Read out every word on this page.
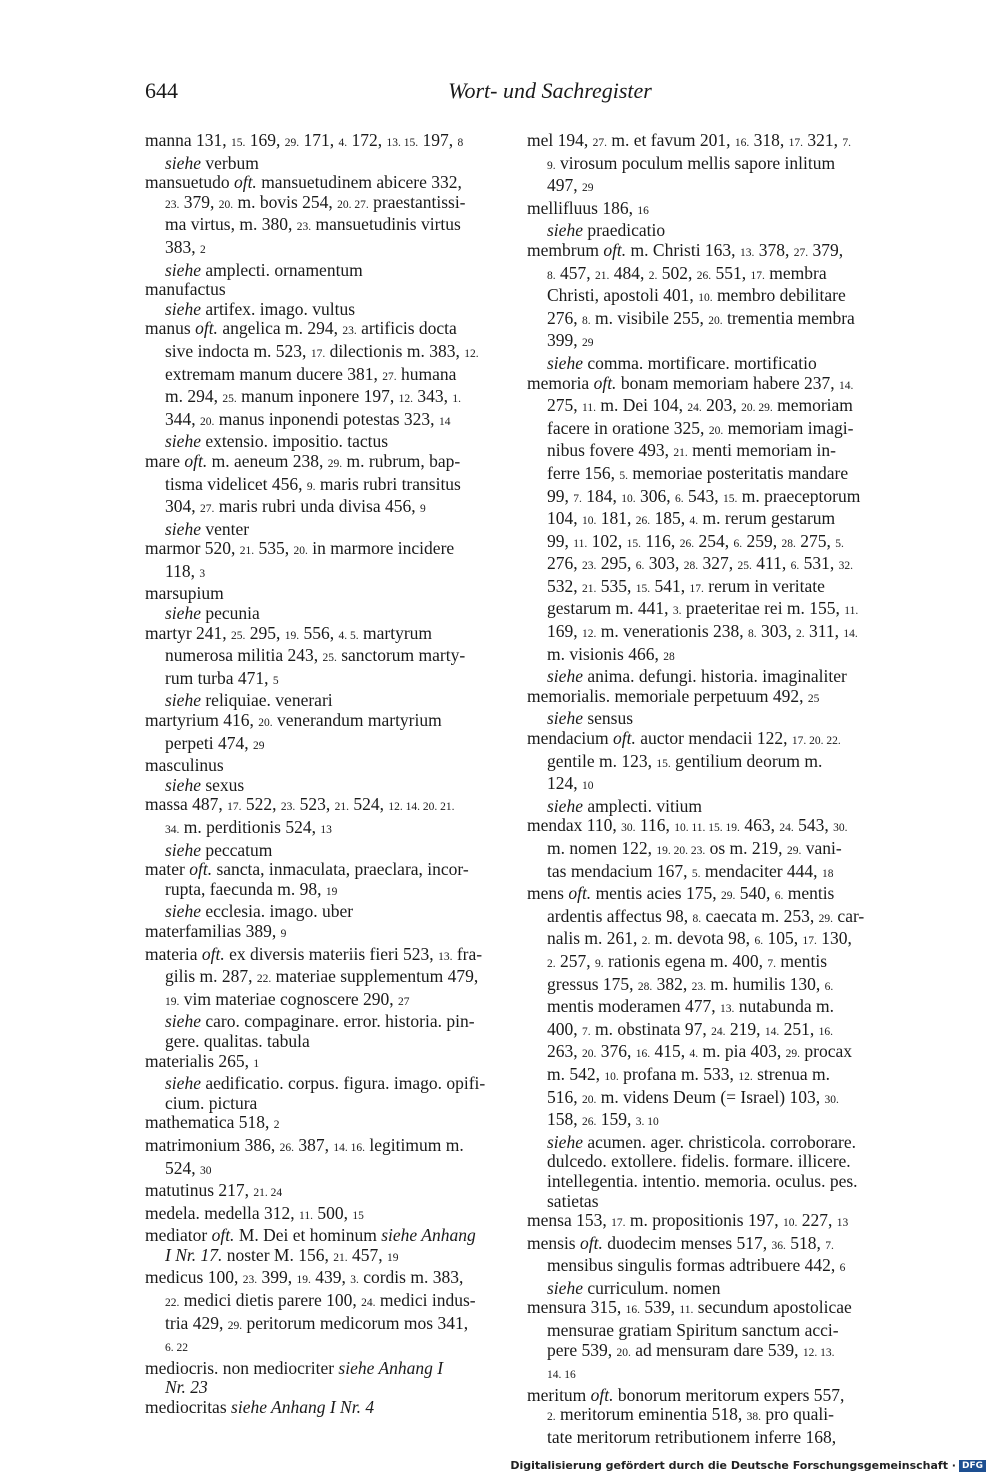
644	Wort- und Sachregister
manna 131, 15. 169, 29. 171, 4. 172, 13. 15. 197, 8
siehe verbum
mansuetudo oft. mansuetudinem abicere 332,
23. 379, 20. m. bovis 254, 20. 27. praestantissi-
ma virtus, m. 380, 23. mansuetudinis virtus
383, 2
siehe amplecti. ornamentum
manufactus
siehe artifex. imago. vultus
manus oft. angelica m. 294, 23. artificis docta
sive indocta m. 523, 17. dilectionis m. 383, 12.
extremam manum ducere 381, 27. humana
m. 294, 25. manum inponere 197, 12. 343, 1.
344, 20. manus inponendi potestas 323, 14
siehe extensio. impositio. tactus
mare oft. m. aeneum 238, 29. m. rubrum, bap-
tisma videlicet 456, 9. maris rubri transitus
304, 27. maris rubri unda divisa 456, 9
siehe venter
marmor 520, 21. 535, 20. in marmore incidere
118, 3
marsupium
siehe pecunia
martyr 241, 25. 295, 19. 556, 4. 5. martyrum
numerosa militia 243, 25. sanctorum marty-
rum turba 471, 5
siehe reliquiae. venerari
martyrium 416, 20. venerandum martyrium
perpeti 474, 29
masculinus
siehe sexus
massa 487, 17. 522, 23. 523, 21. 524, 12. 14. 20. 21.
34. m. perditionis 524, 13
siehe peccatum
mater oft. sancta, inmaculata, praeclara, incor-
rupta, faecunda m. 98, 19
siehe ecclesia. imago. uber
materfamilias 389, 9
materia oft. ex diversis materiis fieri 523, 13. fra-
gilis m. 287, 22. materiae supplementum 479,
19. vim materiae cognoscere 290, 27
siehe caro. compaginare. error. historia. pin-
gere. qualitas. tabula
materialis 265, 1
siehe aedificatio. corpus. figura. imago. opifi-
cium. pictura
mathematica 518, 2
matrimonium 386, 26. 387, 14. 16. legitimum m.
524, 30
matutinus 217, 21. 24
medela. medella 312, 11. 500, 15
mediator oft. M. Dei et hominum siehe Anhang
I Nr. 17. noster M. 156, 21. 457, 19
medicus 100, 23. 399, 19. 439, 3. cordis m. 383,
22. medici dietis parere 100, 24. medici indus-
tria 429, 29. peritorum medicorum mos 341,
6. 22
mediocris. non mediocriter siehe Anhang I
Nr. 23
mediocritas siehe Anhang I Nr. 4
mel 194, 27. m. et favum 201, 16. 318, 17. 321, 7.
9. virosum poculum mellis sapore inlitum
497, 29
mellifluus 186, 16
siehe praedicatio
membrum oft. m. Christi 163, 13. 378, 27. 379,
8. 457, 21. 484, 2. 502, 26. 551, 17. membra
Christi, apostoli 401, 10. membro debilitare
276, 8. m. visibile 255, 20. trementia membra
399, 29
siehe comma. mortificare. mortificatio
memoria oft. bonam memoriam habere 237, 14.
275, 11. m. Dei 104, 24. 203, 20. 29. memoriam
facere in oratione 325, 20. memoriam imagi-
nibus fovere 493, 21. menti memoriam in-
ferre 156, 5. memoriae posteritatis mandare
99, 7. 184, 10. 306, 6. 543, 15. m. praeceptorum
104, 10. 181, 26. 185, 4. m. rerum gestarum
99, 11. 102, 15. 116, 26. 254, 6. 259, 28. 275, 5.
276, 23. 295, 6. 303, 28. 327, 25. 411, 6. 531, 32.
532, 21. 535, 15. 541, 17. rerum in veritate
gestarum m. 441, 3. praeteritae rei m. 155, 11.
169, 12. m. venerationis 238, 8. 303, 2. 311, 14.
m. visionis 466, 28
siehe anima. defungi. historia. imaginaliter
memorialis. memoriale perpetuum 492, 25
siehe sensus
mendacium oft. auctor mendacii 122, 17. 20. 22.
gentile m. 123, 15. gentilium deorum m.
124, 10
siehe amplecti. vitium
mendax 110, 30. 116, 10. 11. 15. 19. 463, 24. 543, 30.
m. nomen 122, 19. 20. 23. os m. 219, 29. vani-
tas mendacium 167, 5. mendaciter 444, 18
mens oft. mentis acies 175, 29. 540, 6. mentis
ardentis affectus 98, 8. caecata m. 253, 29. car-
nalis m. 261, 2. m. devota 98, 6. 105, 17. 130,
2. 257, 9. rationis egena m. 400, 7. mentis
gressus 175, 28. 382, 23. m. humilis 130, 6.
mentis moderamen 477, 13. nutabunda m.
400, 7. m. obstinata 97, 24. 219, 14. 251, 16.
263, 20. 376, 16. 415, 4. m. pia 403, 29. procax
m. 542, 10. profana m. 533, 12. strenua m.
516, 20. m. videns Deum (= Israel) 103, 30.
158, 26. 159, 3. 10
siehe acumen. ager. christicola. corroborare.
dulcedo. extollere. fidelis. formare. illicere.
intellegentia. intentio. memoria. oculus. pes.
satietas
mensa 153, 17. m. propositionis 197, 10. 227, 13
mensis oft. duodecim menses 517, 36. 518, 7.
mensibus singulis formas adtribuere 442, 6
siehe curriculum. nomen
mensura 315, 16. 539, 11. secundum apostolicae
mensurae gratiam Spiritum sanctum acci-
pere 539, 20. ad mensuram dare 539, 12. 13.
14. 16
meritum oft. bonorum meritorum expers 557,
2. meritorum eminentia 518, 38. pro quali-
tate meritorum retributionem inferre 168,
Digitalisierung gefördert durch die Deutsche Forschungsgemeinschaft · DFG
